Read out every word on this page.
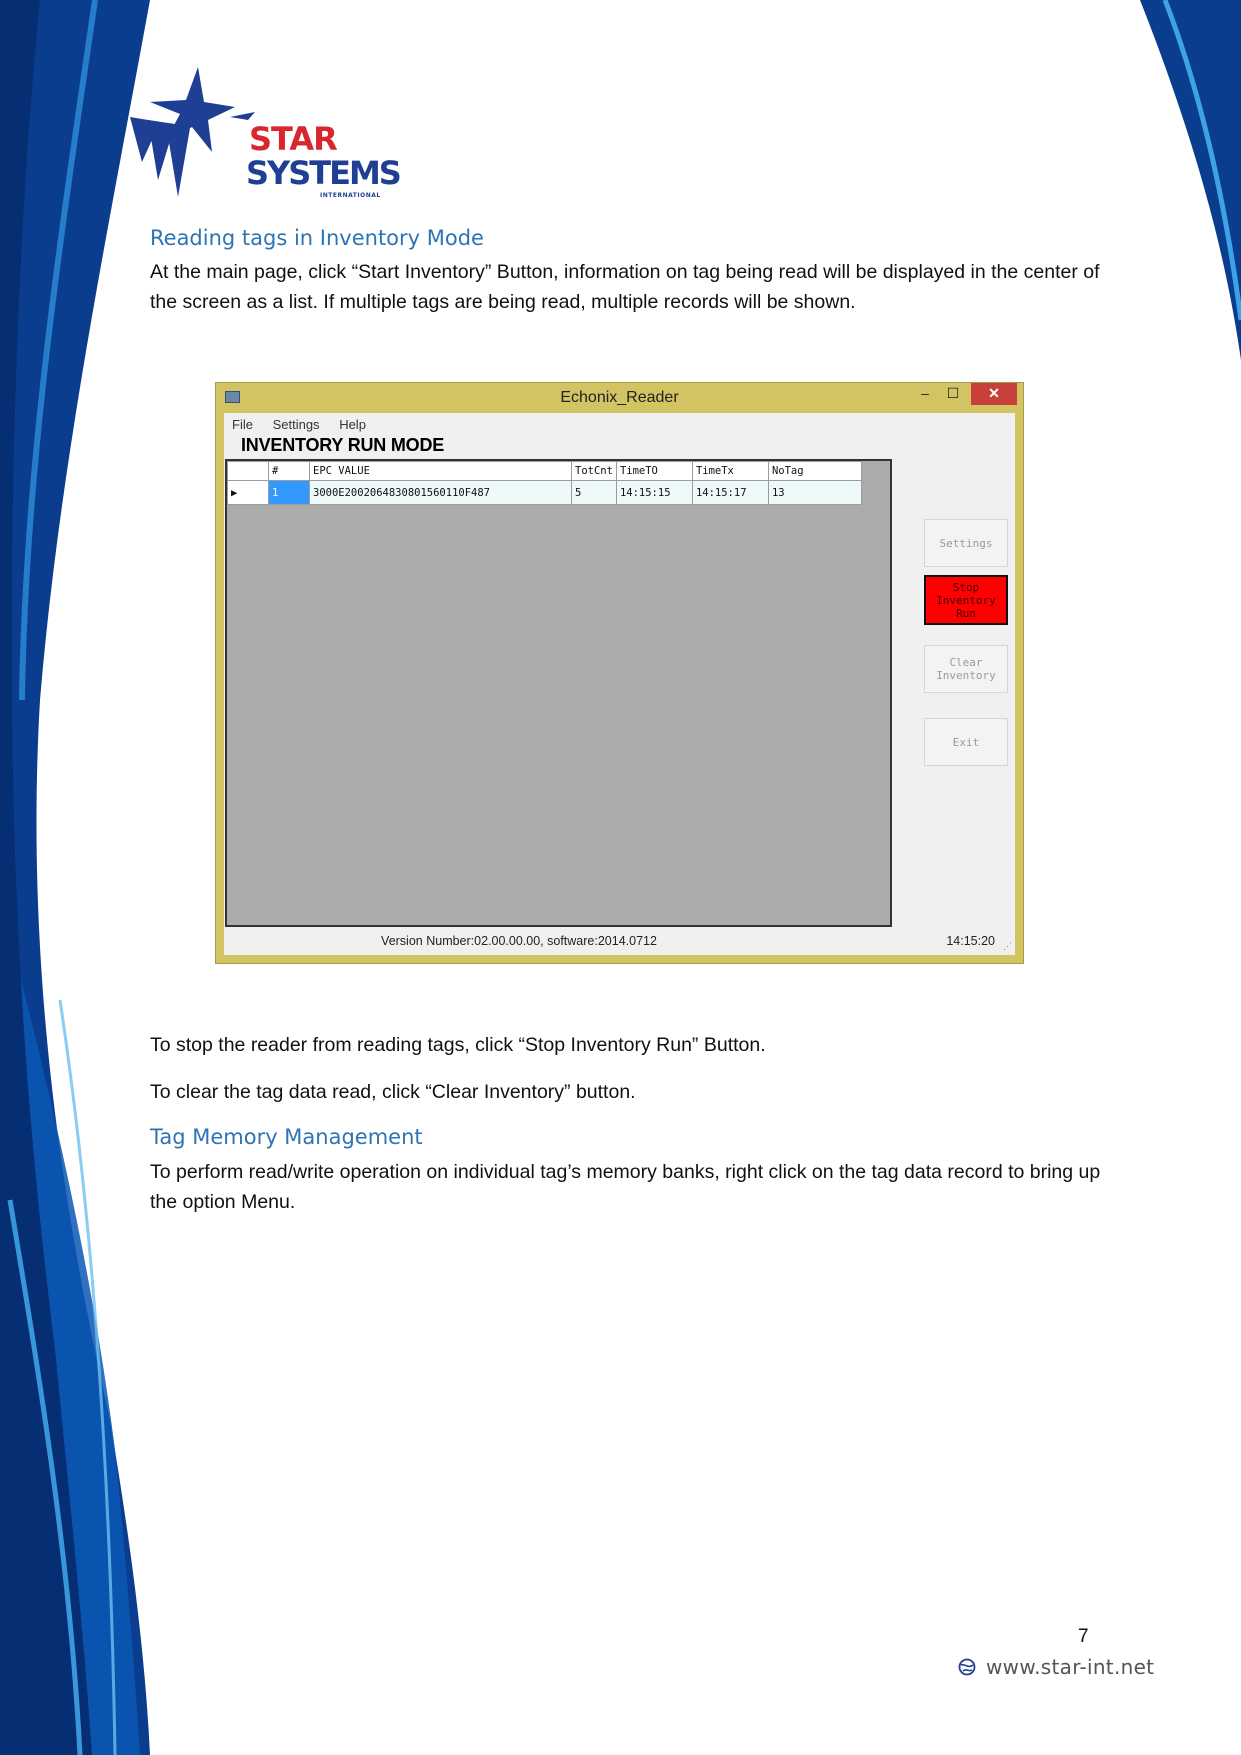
STAR
SYSTEMS
INTERNATIONAL
Reading tags in Inventory Mode

At the main page, click “Start Inventory” Button, information on tag being read will be displayed in the center of the screen as a list. If multiple tags are being read, multiple records will be shown.

Echonix_Reader	–	☐	✕
File Settings Help
INVENTORY RUN MODE
	#	EPC VALUE	TotCnt	TimeTO	TimeTx	NoTag
▶	1	3000E2002064830801560110F487	5	14:15:15	14:15:17	13
Settings
Stop Inventory Run
Clear Inventory
Exit
Version Number:02.00.00.00, software:2014.0712	14:15:20 ⋰

To stop the reader from reading tags, click “Stop Inventory Run” Button.

To clear the tag data read, click “Clear Inventory” button.

Tag Memory Management

To perform read/write operation on individual tag’s memory banks, right click on the tag data record to bring up the option Menu.

7
www.star-int.net
